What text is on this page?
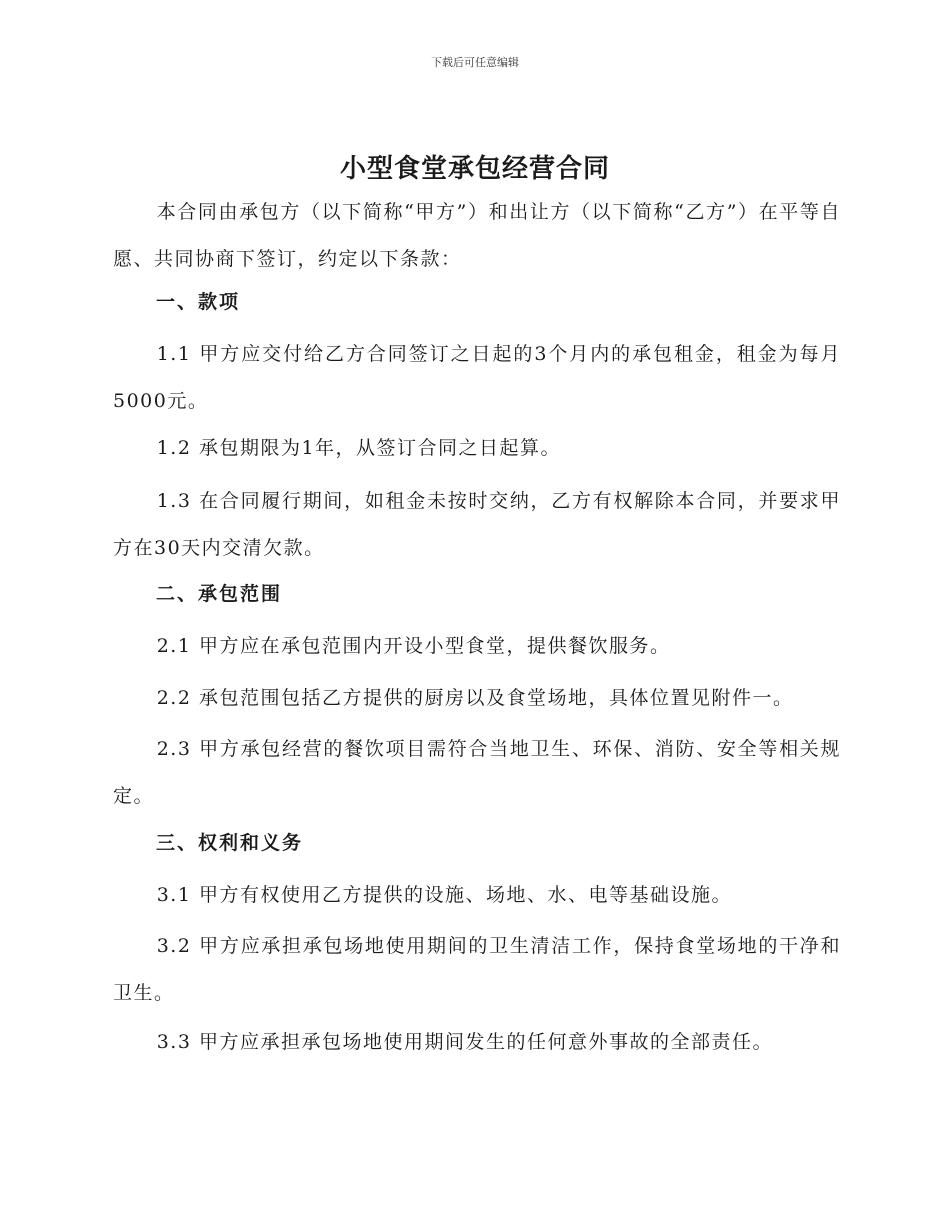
下载后可任意编辑
小型食堂承包经营合同

本合同由承包方（以下简称“甲方”）和出让方（以下简称“乙方”）在平等自愿、共同协商下签订，约定以下条款：

一、款项

1.1 甲方应交付给乙方合同签订之日起的3个月内的承包租金，租金为每月5000元。

1.2 承包期限为1年，从签订合同之日起算。

1.3 在合同履行期间，如租金未按时交纳，乙方有权解除本合同，并要求甲方在30天内交清欠款。

二、承包范围

2.1 甲方应在承包范围内开设小型食堂，提供餐饮服务。

2.2 承包范围包括乙方提供的厨房以及食堂场地，具体位置见附件一。

2.3 甲方承包经营的餐饮项目需符合当地卫生、环保、消防、安全等相关规定。

三、权利和义务

3.1 甲方有权使用乙方提供的设施、场地、水、电等基础设施。

3.2 甲方应承担承包场地使用期间的卫生清洁工作，保持食堂场地的干净和卫生。

3.3 甲方应承担承包场地使用期间发生的任何意外事故的全部责任。
